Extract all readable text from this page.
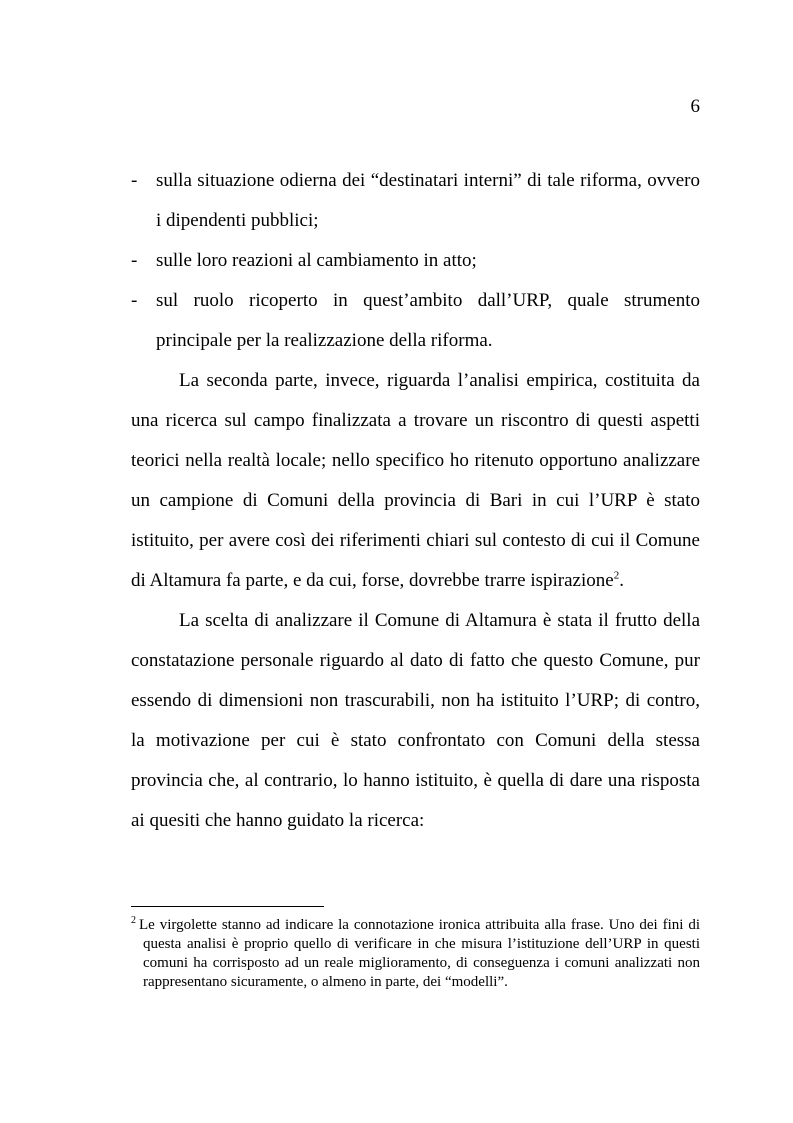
6
- sulla situazione odierna dei “destinatari interni” di tale riforma, ovvero i dipendenti pubblici;
- sulle loro reazioni al cambiamento in atto;
- sul ruolo ricoperto in quest’ambito dall’URP, quale strumento principale per la realizzazione della riforma.

La seconda parte, invece, riguarda l’analisi empirica, costituita da una ricerca sul campo finalizzata a trovare un riscontro di questi aspetti teorici nella realtà locale; nello specifico ho ritenuto opportuno analizzare un campione di Comuni della provincia di Bari in cui l’URP è stato istituito, per avere così dei riferimenti chiari sul contesto di cui il Comune di Altamura fa parte, e da cui, forse, dovrebbe trarre ispirazione$^2$.

La scelta di analizzare il Comune di Altamura è stata il frutto della constatazione personale riguardo al dato di fatto che questo Comune, pur essendo di dimensioni non trascurabili, non ha istituito l’URP; di contro, la motivazione per cui è stato confrontato con Comuni della stessa provincia che, al contrario, lo hanno istituito, è quella di dare una risposta ai quesiti che hanno guidato la ricerca:

$^2$ Le virgolette stanno ad indicare la connotazione ironica attribuita alla frase. Uno dei fini di questa analisi è proprio quello di verificare in che misura l’istituzione dell’URP in questi comuni ha corrisposto ad un reale miglioramento, di conseguenza i comuni analizzati non rappresentano sicuramente, o almeno in parte, dei “modelli”.
